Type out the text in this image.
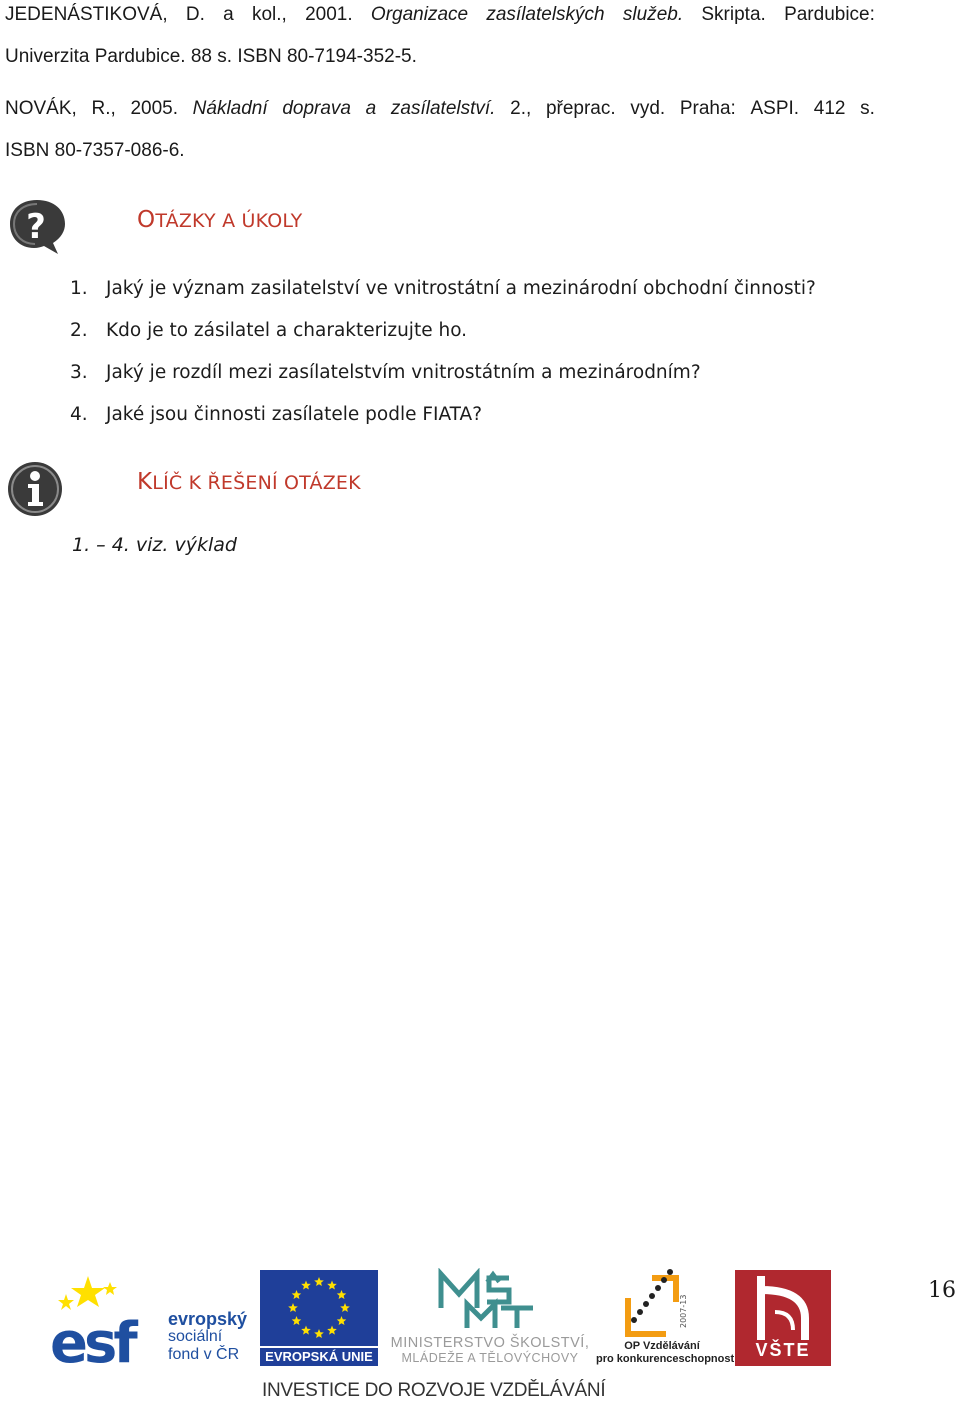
JEDENÁSTIKOVÁ, D. a kol., 2001. Organizace zasílatelských služeb. Skripta. Pardubice:
Univerzita Pardubice. 88 s. ISBN 80-7194-352-5.
NOVÁK, R., 2005. Nákladní doprava a zasílatelství. 2., přeprac. vyd. Praha: ASPI. 412 s.
ISBN 80-7357-086-6.
?	OTÁZKY A ÚKOLY
1. Jaký je význam zasilatelství ve vnitrostátní a mezinárodní obchodní činnosti?
2. Kdo je to zásilatel a charakterizujte ho.
3. Jaký je rozdíl mezi zasílatelstvím vnitrostátním a mezinárodním?
4. Jaké jsou činnosti zasílatele podle FIATA?
KLÍČ K ŘEŠENÍ OTÁZEK
1. – 4. viz. výklad
16
esf evropský
sociální
fond v ČR	EVROPSKÁ UNIE
MINISTERSTVO ŠKOLSTVÍ,
MLÁDEŽE A TĚLOVÝCHOVY
2007-13
OP Vzdělávání
pro konkurenceschopnost	VŠTE
INVESTICE DO ROZVOJE VZDĚLÁVÁNÍ
